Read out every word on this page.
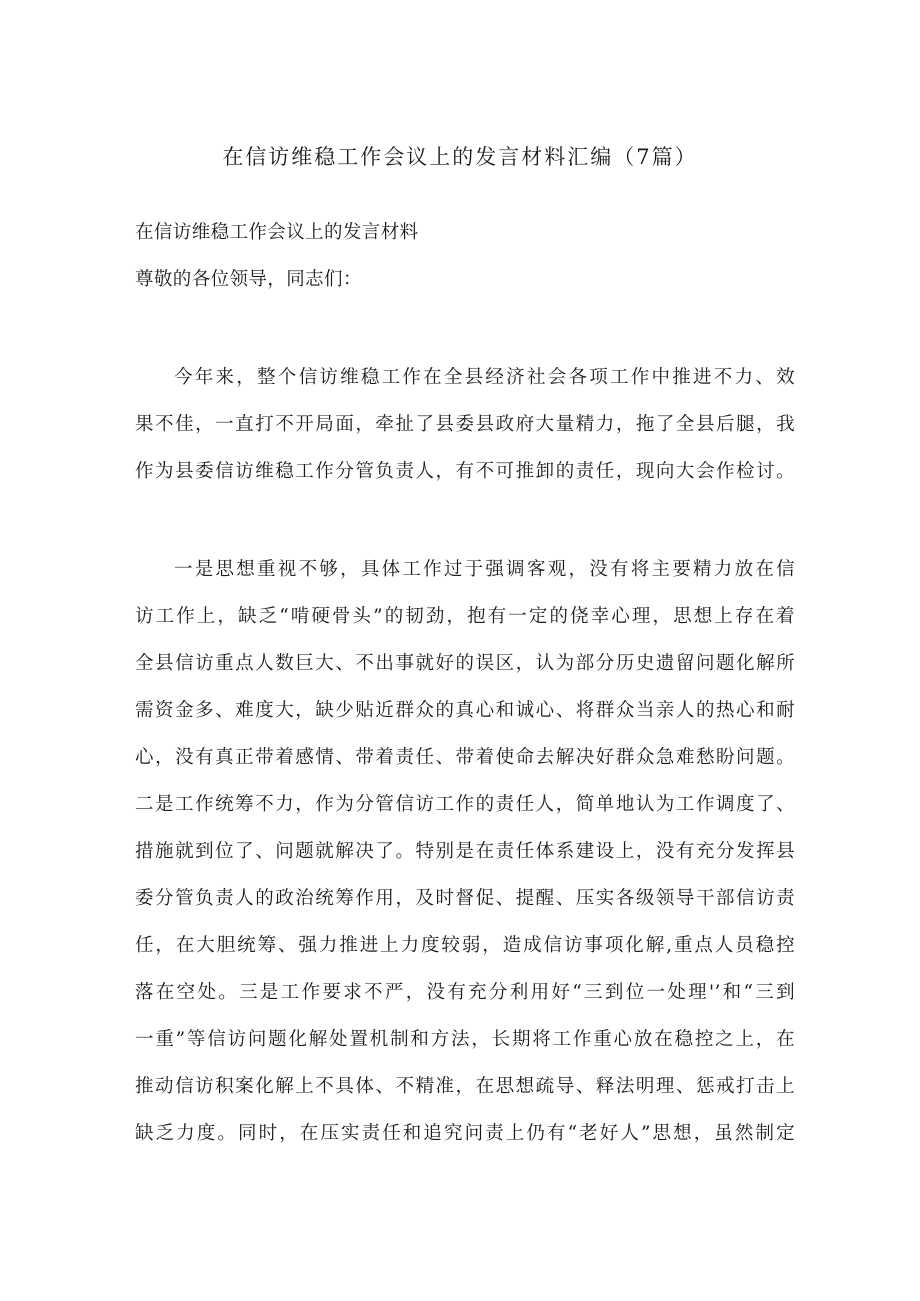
在信访维稳工作会议上的发言材料汇编（7篇）
在信访维稳工作会议上的发言材料
尊敬的各位领导，同志们：
今年来，整个信访维稳工作在全县经济社会各项工作中推进不力、效
果不佳，一直打不开局面，牵扯了县委县政府大量精力，拖了全县后腿，我
作为县委信访维稳工作分管负责人，有不可推卸的责任，现向大会作检讨。
一是思想重视不够，具体工作过于强调客观，没有将主要精力放在信
访工作上，缺乏“啃硬骨头”的韧劲，抱有一定的侥幸心理，思想上存在着
全县信访重点人数巨大、不出事就好的误区，认为部分历史遗留问题化解所
需资金多、难度大，缺少贴近群众的真心和诚心、将群众当亲人的热心和耐
心，没有真正带着感情、带着责任、带着使命去解决好群众急难愁盼问题。
二是工作统筹不力，作为分管信访工作的责任人，简单地认为工作调度了、
措施就到位了、问题就解决了。特别是在责任体系建设上，没有充分发挥县
委分管负责人的政治统筹作用，及时督促、提醒、压实各级领导干部信访责
任，在大胆统筹、强力推进上力度较弱，造成信访事项化解,重点人员稳控
落在空处。三是工作要求不严，没有充分利用好“三到位一处理'’和“三到
一重”等信访问题化解处置机制和方法，长期将工作重心放在稳控之上，在
推动信访积案化解上不具体、不精准，在思想疏导、释法明理、惩戒打击上
缺乏力度。同时，在压实责任和追究问责上仍有“老好人”思想，虽然制定
